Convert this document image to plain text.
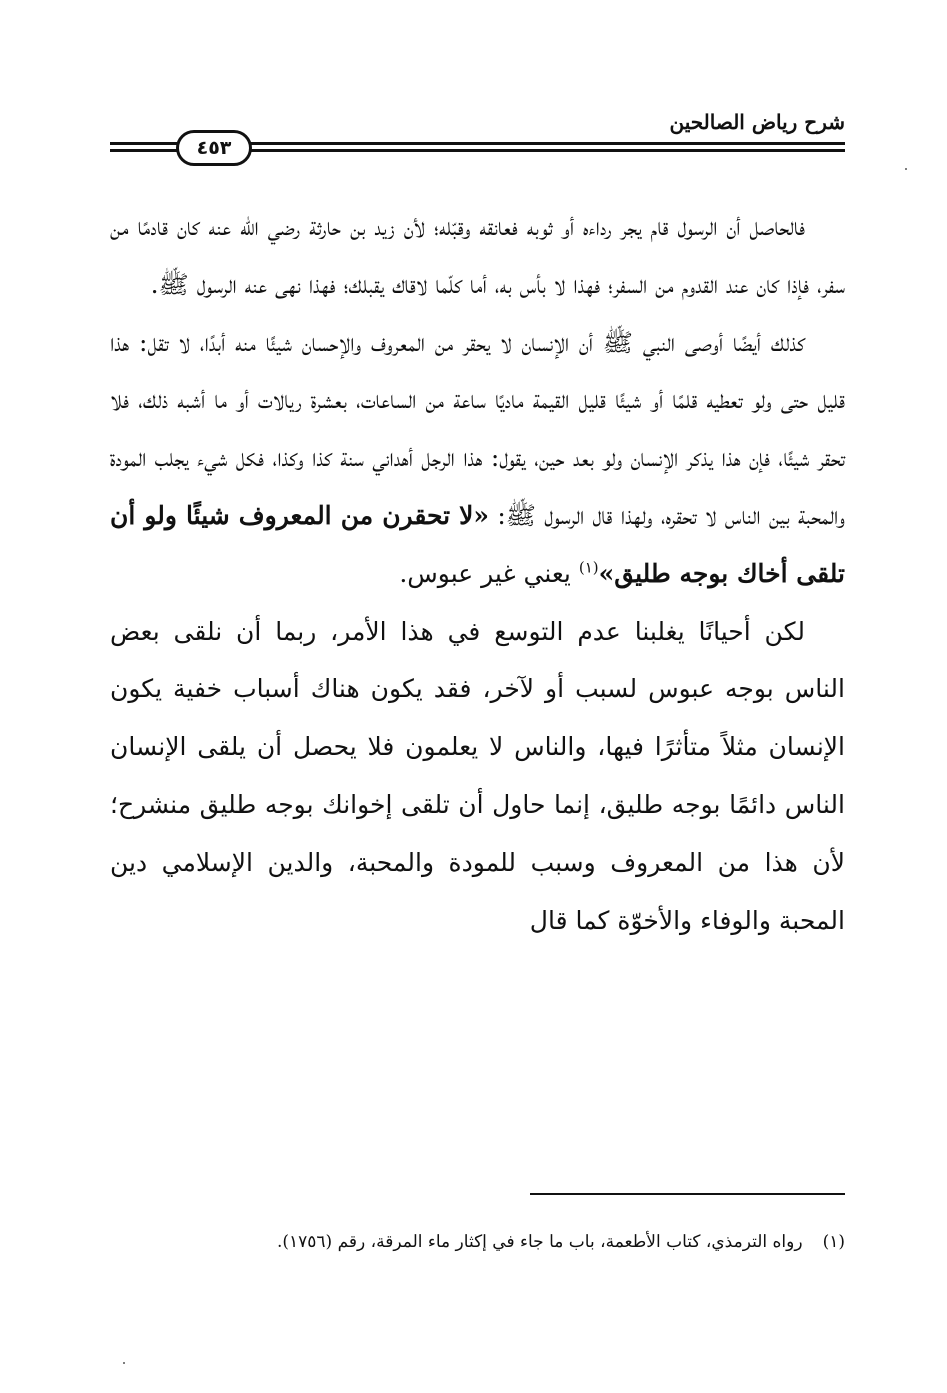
شرح رياض الصالحين
٤٥٣

فالحاصل أن الرسول قام يجر رداءه أو ثوبه فعانقه وقبّله؛ لأن زيد بن حارثة رضي الله عنه كان قادمًا من سفر، فإذا كان عند القدوم من السفر؛ فهذا لا بأس به، أما كلّما لاقاك يقبلك؛ فهذا نهى عنه الرسول ﷺ.

كذلك أيضًا أوصى النبي ﷺ أن الإنسان لا يحقر من المعروف والإحسان شيئًا منه أبدًا، لا تقل: هذا قليل حتى ولو تعطيه قلمًا أو شيئًا قليل القيمة ماديًا ساعة من الساعات، بعشرة ريالات أو ما أشبه ذلك، فلا تحقر شيئًا، فإن هذا يذكر الإنسان ولو بعد حين، يقول: هذا الرجل أهداني سنة كذا وكذا، فكل شيء يجلب المودة والمحبة بين الناس لا تحقره، ولهذا قال الرسول ﷺ: «لا تحقرن من المعروف شيئًا ولو أن تلقى أخاك بوجه طليق»$^{(١)}$ يعني غير عبوس.

لكن أحيانًا يغلبنا عدم التوسع في هذا الأمر، ربما أن نلقى بعض الناس بوجه عبوس لسبب أو لآخر، فقد يكون هناك أسباب خفية يكون الإنسان مثلاً متأثرًا فيها، والناس لا يعلمون فلا يحصل أن يلقى الإنسان الناس دائمًا بوجه طليق، إنما حاول أن تلقى إخوانك بوجه طليق منشرح؛ لأن هذا من المعروف وسبب للمودة والمحبة، والدين الإسلامي دين المحبة والوفاء والأخوّة كما قال

(١)رواه الترمذي، كتاب الأطعمة، باب ما جاء في إكثار ماء المرقة، رقم (١٧٥٦).
